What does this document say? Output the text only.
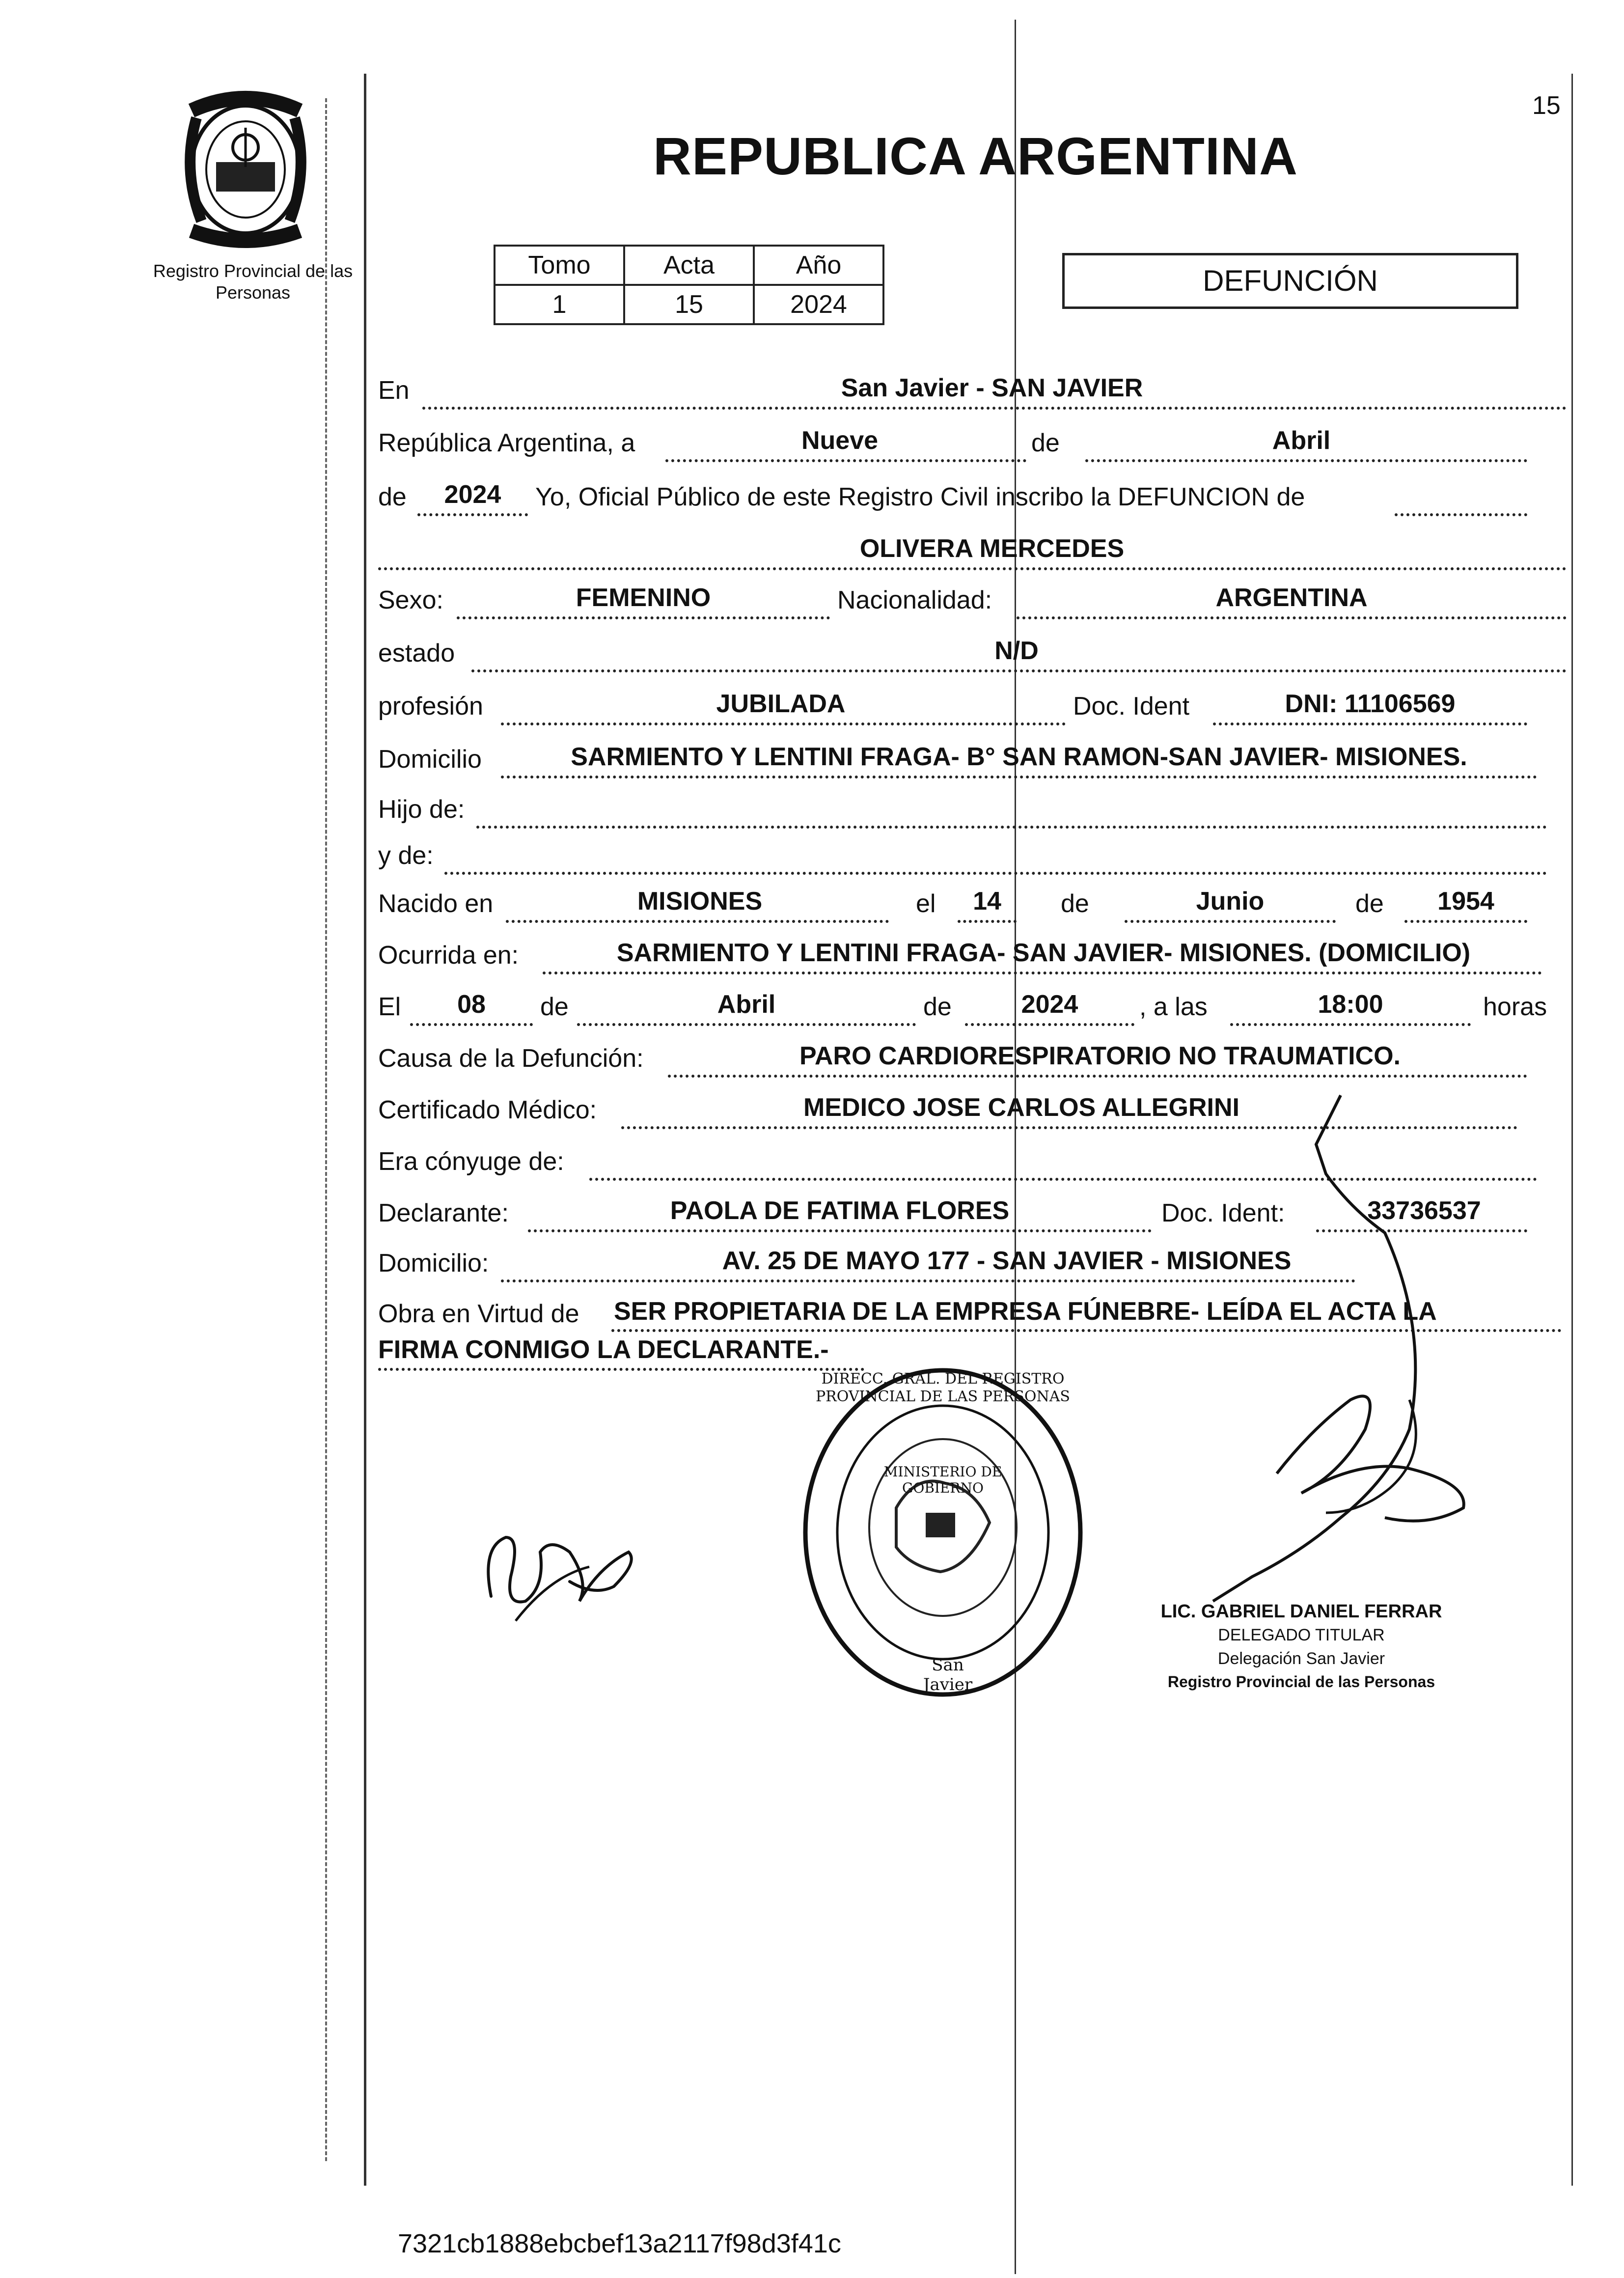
15
Registro Provincial de las Personas
REPUBLICA ARGENTINA
Tomo	Acta	Año
1	15	2024
DEFUNCIÓN
En	San Javier - SAN JAVIER
República Argentina, a	Nueve	de	Abril
de	2024	Yo, Oficial Público de este Registro Civil inscribo la DEFUNCION de
OLIVERA MERCEDES
Sexo:	FEMENINO	Nacionalidad:	ARGENTINA
estado	N/D
profesión	JUBILADA	Doc. Ident	DNI: 11106569
Domicilio	SARMIENTO Y LENTINI FRAGA- B° SAN RAMON-SAN JAVIER- MISIONES.
Hijo de:
y de:
Nacido en	MISIONES	el	14	de	Junio	de	1954
Ocurrida en:	SARMIENTO Y LENTINI FRAGA- SAN JAVIER- MISIONES. (DOMICILIO)
El	08	de	Abril	de	2024	, a las	18:00	horas
Causa de la Defunción:	PARO CARDIORESPIRATORIO NO TRAUMATICO.
Certificado Médico:	MEDICO JOSE CARLOS ALLEGRINI
Era cónyuge de:
Declarante:	PAOLA DE FATIMA FLORES	Doc. Ident:	33736537
Domicilio:	AV. 25 DE MAYO 177 - SAN JAVIER - MISIONES
Obra en Virtud de SER PROPIETARIA DE LA EMPRESA FÚNEBRE- LEÍDA EL ACTA LA
FIRMA CONMIGO LA DECLARANTE.-
DIRECC. GRAL. DEL REGISTRO PROVINCIAL DE LAS PERSONAS
MINISTERIO DE GOBIERNO
San Javier
LIC. GABRIEL DANIEL FERRAR
DELEGADO TITULAR
Delegación San Javier
Registro Provincial de las Personas
7321cb1888ebcbef13a2117f98d3f41c
